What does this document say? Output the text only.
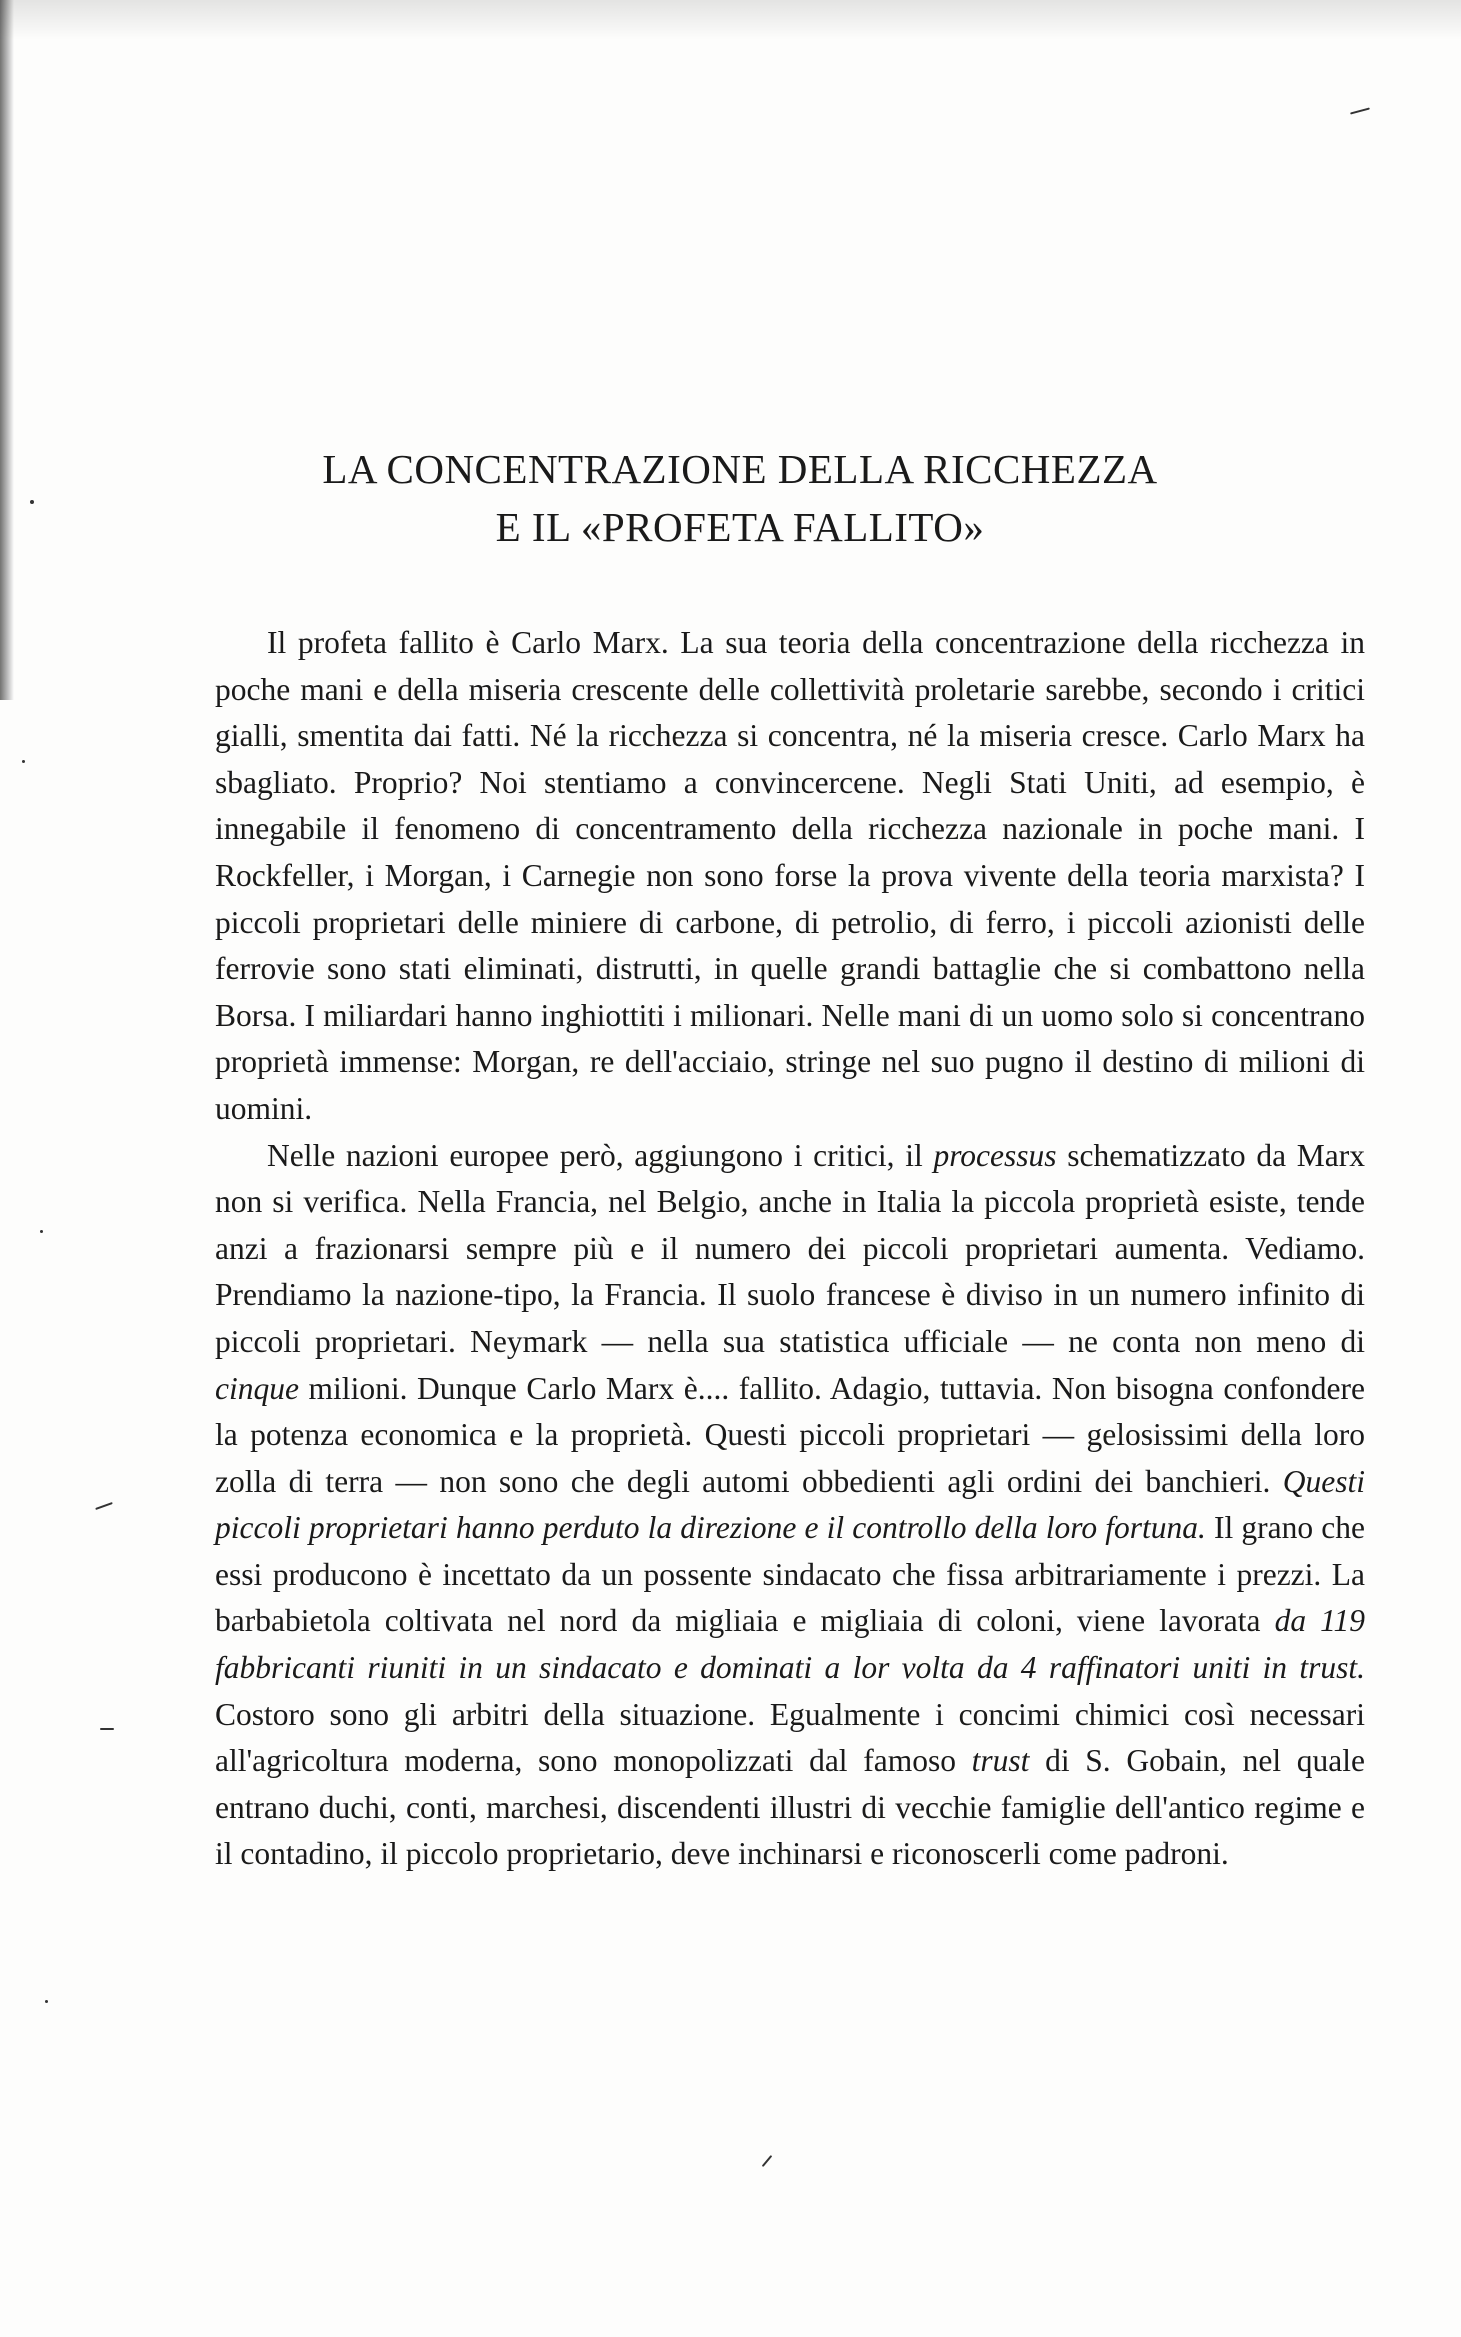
LA CONCENTRAZIONE DELLA RICCHEZZA
E IL «PROFETA FALLITO»

Il profeta fallito è Carlo Marx. La sua teoria della concentrazione della ricchezza in poche mani e della miseria crescente delle collettività proletarie sarebbe, secondo i critici gialli, smentita dai fatti. Né la ricchezza si concentra, né la miseria cresce. Carlo Marx ha sbagliato. Proprio? Noi stentiamo a convincercene. Negli Stati Uniti, ad esempio, è innegabile il fenomeno di concentramento della ricchezza nazionale in poche mani. I Rockfeller, i Morgan, i Carnegie non sono forse la prova vivente della teoria marxista? I piccoli proprietari delle miniere di carbone, di petrolio, di ferro, i piccoli azionisti delle ferrovie sono stati eliminati, distrutti, in quelle grandi battaglie che si combattono nella Borsa. I miliardari hanno inghiottiti i milionari. Nelle mani di un uomo solo si concentrano proprietà immense: Morgan, re dell'acciaio, stringe nel suo pugno il destino di milioni di uomini.

Nelle nazioni europee però, aggiungono i critici, il processus schematizzato da Marx non si verifica. Nella Francia, nel Belgio, anche in Italia la piccola proprietà esiste, tende anzi a frazionarsi sempre più e il numero dei piccoli proprietari aumenta. Vediamo. Prendiamo la nazione-tipo, la Francia. Il suolo francese è diviso in un numero infinito di piccoli proprietari. Neymark — nella sua statistica ufficiale — ne conta non meno di cinque milioni. Dunque Carlo Marx è.... fallito. Adagio, tuttavia. Non bisogna confondere la potenza economica e la proprietà. Questi piccoli proprietari — gelosissimi della loro zolla di terra — non sono che degli automi obbedienti agli ordini dei banchieri. Questi piccoli proprietari hanno perduto la direzione e il controllo della loro fortuna. Il grano che essi producono è incettato da un possente sindacato che fissa arbitrariamente i prezzi. La barbabietola coltivata nel nord da migliaia e migliaia di coloni, viene lavorata da 119 fabbricanti riuniti in un sindacato e dominati a lor volta da 4 raffinatori uniti in trust. Costoro sono gli arbitri della situazione. Egualmente i concimi chimici così necessari all'agricoltura moderna, sono monopolizzati dal famoso trust di S. Gobain, nel quale entrano duchi, conti, marchesi, discendenti illustri di vecchie famiglie dell'antico regime e il contadino, il piccolo proprietario, deve inchinarsi e riconoscerli come padroni.
